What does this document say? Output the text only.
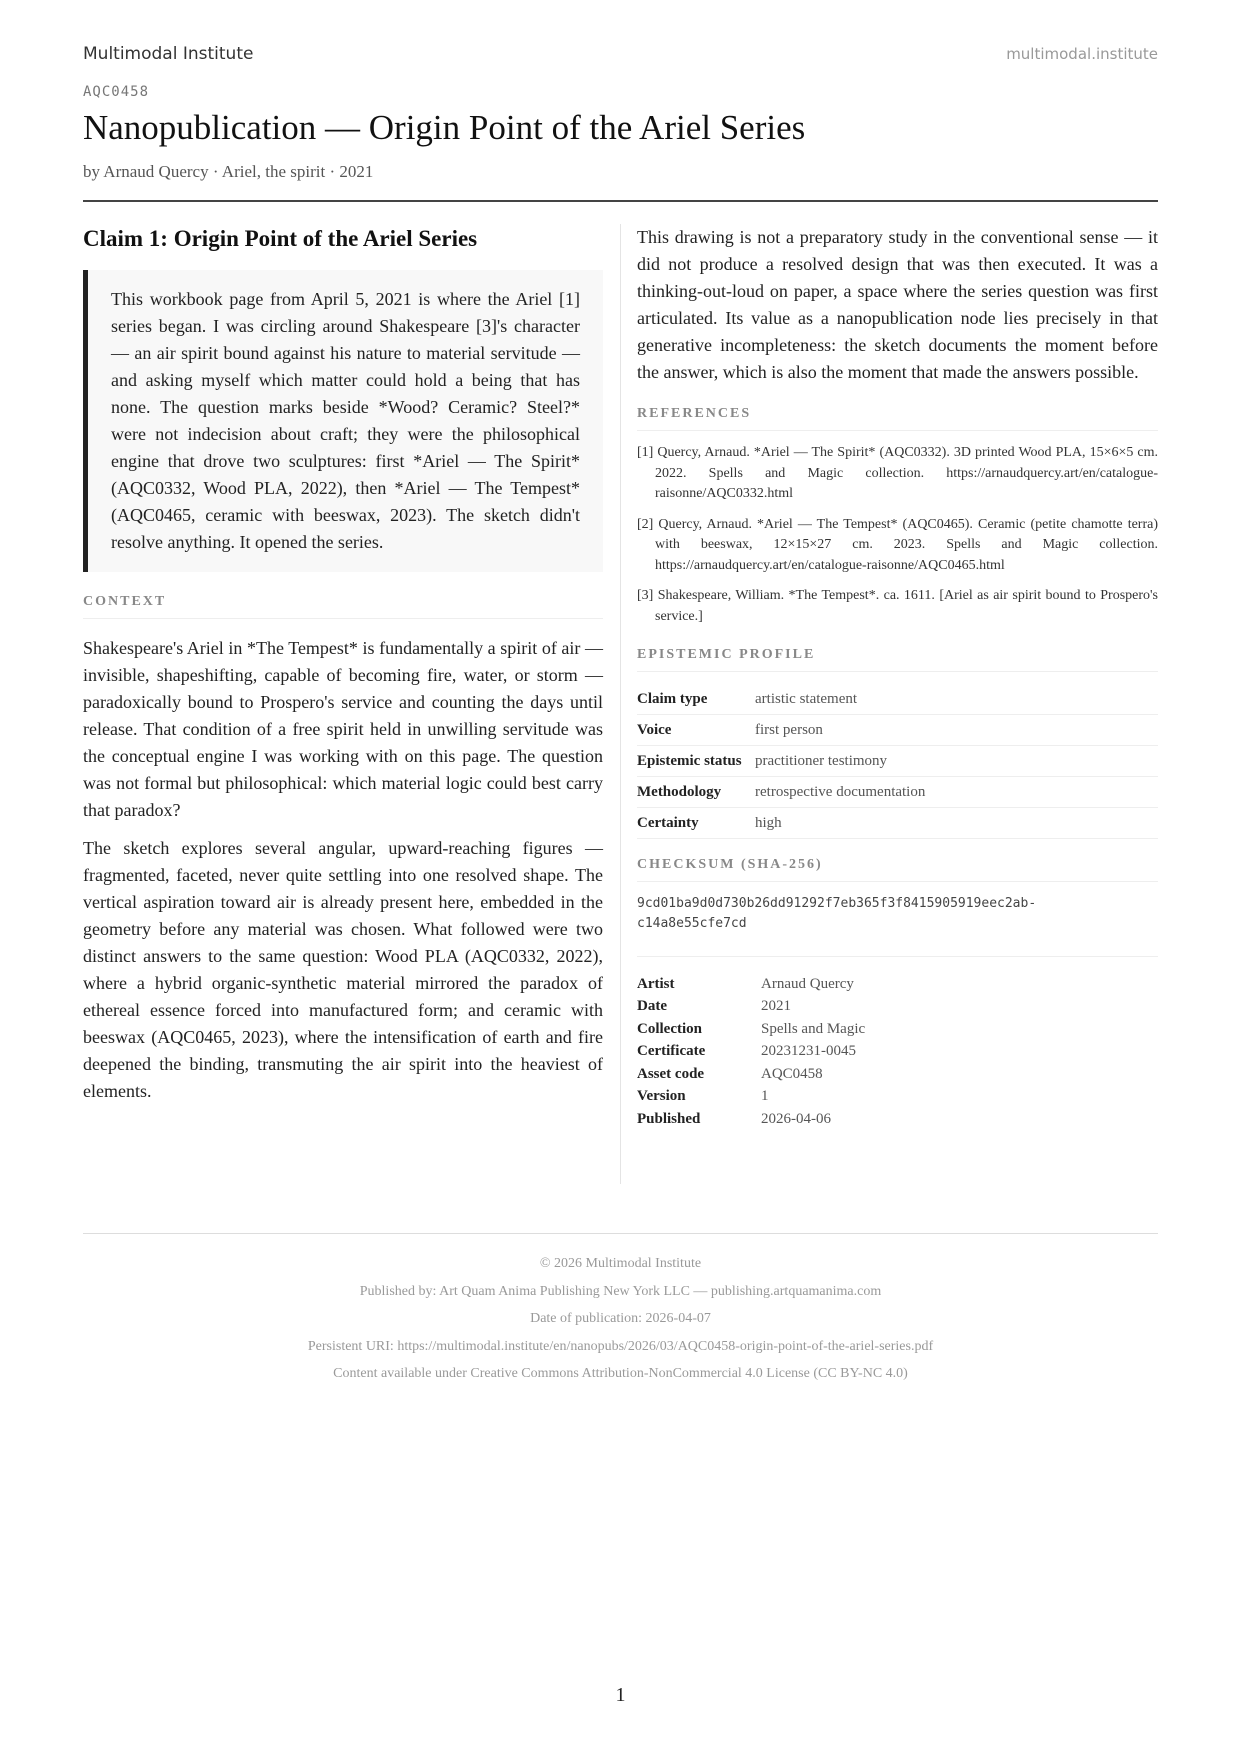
Multimodal Institute	multimodal.institute
AQC0458
Nanopublication — Origin Point of the Ariel Series
by Arnaud Quercy · Ariel, the spirit · 2021
Claim 1: Origin Point of the Ariel Series
This workbook page from April 5, 2021 is where the Ariel [1] series began. I was circling around Shakespeare [3]'s character — an air spirit bound against his nature to material servitude — and asking myself which matter could hold a being that has none. The question marks beside *Wood? Ceramic? Steel?* were not indecision about craft; they were the philosophical engine that drove two sculptures: first *Ariel — The Spirit* (AQC0332, Wood PLA, 2022), then *Ariel — The Tempest* (AQC0465, ceramic with beeswax, 2023). The sketch didn't resolve anything. It opened the series.
CONTEXT

Shakespeare's Ariel in *The Tempest* is fundamentally a spirit of air — invisible, shapeshifting, capable of becoming fire, water, or storm — paradoxically bound to Prospero's service and counting the days until release. That condition of a free spirit held in unwilling servitude was the conceptual engine I was working with on this page. The question was not formal but philosophical: which material logic could best carry that paradox?

The sketch explores several angular, upward-reaching figures — fragmented, faceted, never quite settling into one resolved shape. The vertical aspiration toward air is already present here, embedded in the geometry before any material was chosen. What followed were two distinct answers to the same question: Wood PLA (AQC0332, 2022), where a hybrid organic-synthetic material mirrored the paradox of ethereal essence forced into manufactured form; and ceramic with beeswax (AQC0465, 2023), where the intensification of earth and fire deepened the binding, transmuting the air spirit into the heaviest of elements.

This drawing is not a preparatory study in the conventional sense — it did not produce a resolved design that was then executed. It was a thinking-out-loud on paper, a space where the series question was first articulated. Its value as a nanopublication node lies precisely in that generative incompleteness: the sketch documents the moment before the answer, which is also the moment that made the answers possible.

REFERENCES
[1] Quercy, Arnaud. *Ariel — The Spirit* (AQC0332). 3D printed Wood PLA, 15×6×5 cm. 2022. Spells and Magic collection. https://arnaudquercy.art/en/catalogue-raisonne/AQC0332.html
[2] Quercy, Arnaud. *Ariel — The Tempest* (AQC0465). Ceramic (petite chamotte terra) with beeswax, 12×15×27 cm. 2023. Spells and Magic collection. https://arnaudquercy.art/en/catalogue-raisonne/AQC0465.html
[3] Shakespeare, William. *The Tempest*. ca. 1611. [Ariel as air spirit bound to Prospero's service.]
EPISTEMIC PROFILE
Claim type	artistic statement
Voice	first person
Epistemic status	practitioner testimony
Methodology	retrospective documentation
Certainty	high
CHECKSUM (SHA-256)
9cd01ba9d0d730b26dd91292f7eb365f3f8415905919eec2ab-
c14a8e55cfe7cd
Artist	Arnaud Quercy
Date	2021
Collection	Spells and Magic
Certificate	20231231-0045
Asset code	AQC0458
Version	1
Published	2026-04-06
© 2026 Multimodal Institute
Published by: Art Quam Anima Publishing New York LLC — publishing.artquamanima.com
Date of publication: 2026-04-07
Persistent URI: https://multimodal.institute/en/nanopubs/2026/03/AQC0458-origin-point-of-the-ariel-series.pdf
Content available under Creative Commons Attribution-NonCommercial 4.0 License (CC BY-NC 4.0)
1
